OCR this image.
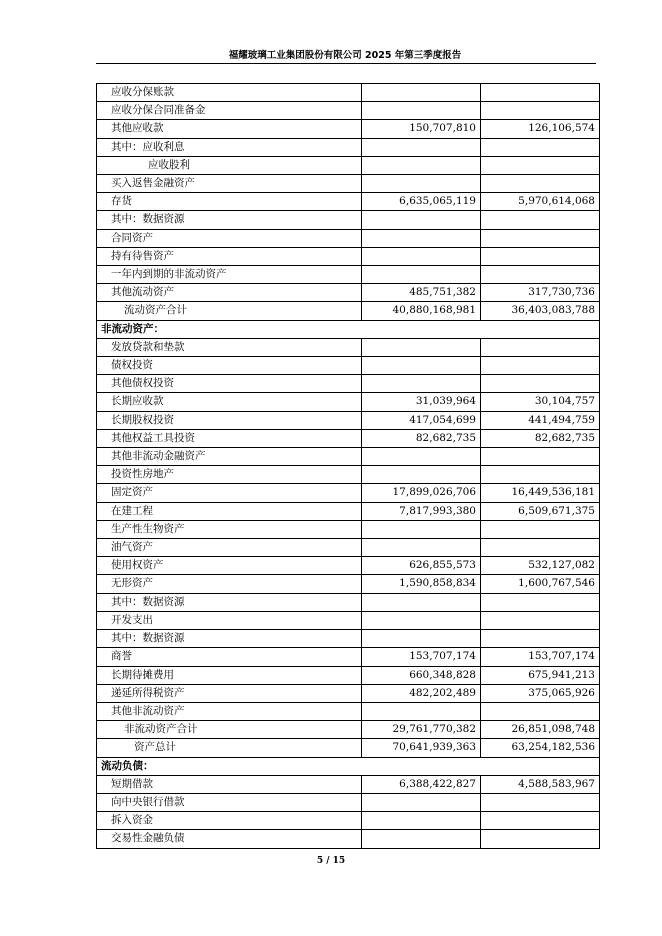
福耀玻璃工业集团股份有限公司 2025 年第三季度报告
应收分保账款		
应收分保合同准备金		
其他应收款	150,707,810	126,106,574
其中：应收利息		
应收股利		
买入返售金融资产		
存货	6,635,065,119	5,970,614,068
其中：数据资源		
合同资产		
持有待售资产		
一年内到期的非流动资产		
其他流动资产	485,751,382	317,730,736
流动资产合计	40,880,168,981	36,403,083,788
非流动资产：		
发放贷款和垫款		
债权投资		
其他债权投资		
长期应收款	31,039,964	30,104,757
长期股权投资	417,054,699	441,494,759
其他权益工具投资	82,682,735	82,682,735
其他非流动金融资产		
投资性房地产		
固定资产	17,899,026,706	16,449,536,181
在建工程	7,817,993,380	6,509,671,375
生产性生物资产		
油气资产		
使用权资产	626,855,573	532,127,082
无形资产	1,590,858,834	1,600,767,546
其中：数据资源		
开发支出		
其中：数据资源		
商誉	153,707,174	153,707,174
长期待摊费用	660,348,828	675,941,213
递延所得税资产	482,202,489	375,065,926
其他非流动资产		
非流动资产合计	29,761,770,382	26,851,098,748
资产总计	70,641,939,363	63,254,182,536
流动负债：		
短期借款	6,388,422,827	4,588,583,967
向中央银行借款		
拆入资金		
交易性金融负债		
5 / 15
